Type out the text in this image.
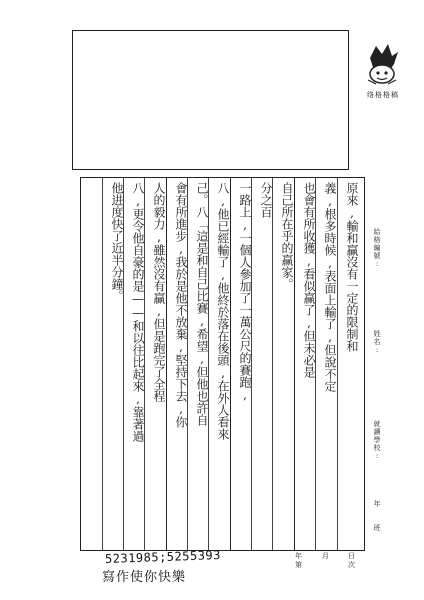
络格格稿
原來,輸和贏沒有一定的限制和
義,根多時候,表面上輸了,但說不定
也會有所收獲,看似赢了,但未必是
自己所在乎的赢家。
分之百
一路上,一個人參加了一萬公尺的賽跑,
八,他已經輸了,他終於落在後頭,在外人看來
己。八「這是和自己比賽,希望,但他也許自
會有所進步,我於是他不放棄,堅持下去,你
人的毅力,雖然沒有贏,但是跑完了全程
八,更令他自豪的是——和以往比起來,靠著過
他进度快了近半分鐘。	給格編號:
姓名:
就讀學校:
年
班
年	月	日
第	次
5231985;5255393
寫作使你快樂
